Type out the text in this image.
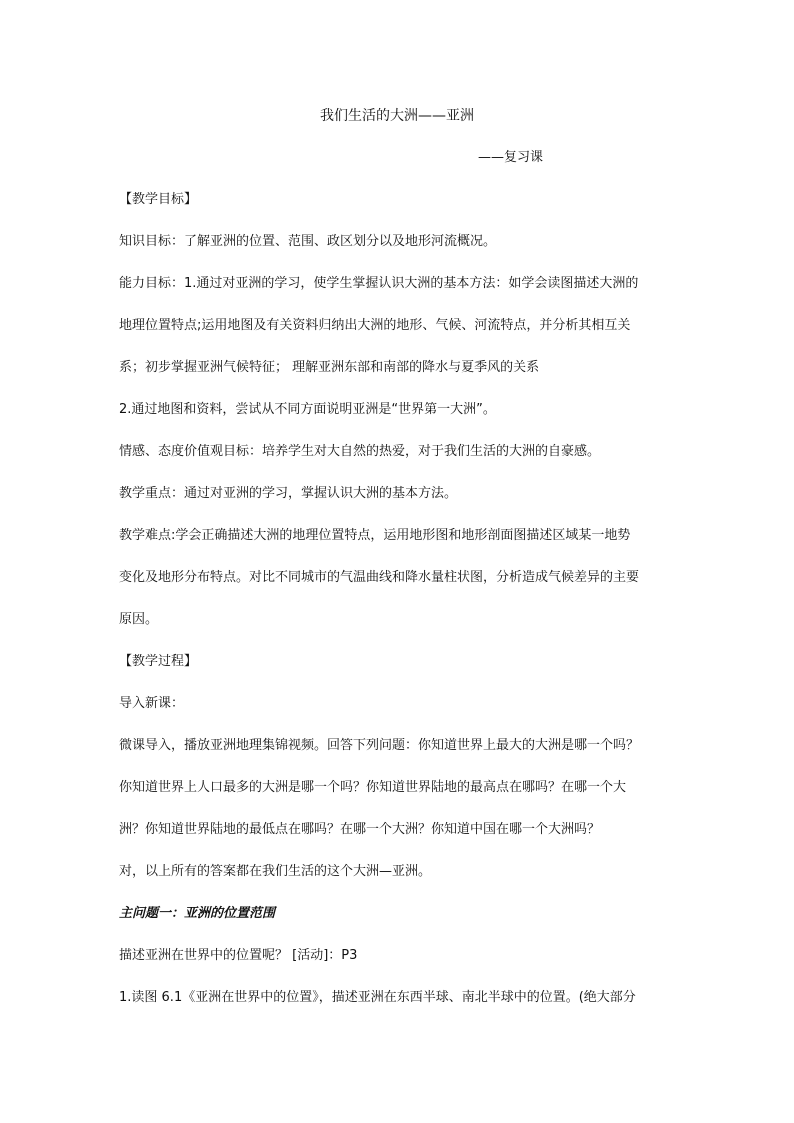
我们生活的大洲——亚洲
——复习课
【教学目标】
知识目标：了解亚洲的位置、范围、政区划分以及地形河流概况。
能力目标：1.通过对亚洲的学习，使学生掌握认识大洲的基本方法：如学会读图描述大洲的
地理位置特点;运用地图及有关资料归纳出大洲的地形、气候、河流特点，并分析其相互关
系；初步掌握亚洲气候特征； 理解亚洲东部和南部的降水与夏季风的关系
2.通过地图和资料，尝试从不同方面说明亚洲是“世界第一大洲”。
情感、态度价值观目标：培养学生对大自然的热爱，对于我们生活的大洲的自豪感。
教学重点：通过对亚洲的学习，掌握认识大洲的基本方法。
教学难点:学会正确描述大洲的地理位置特点，运用地形图和地形剖面图描述区域某一地势
变化及地形分布特点。对比不同城市的气温曲线和降水量柱状图，分析造成气候差异的主要
原因。
【教学过程】
导入新课：
微课导入，播放亚洲地理集锦视频。回答下列问题：你知道世界上最大的大洲是哪一个吗？
你知道世界上人口最多的大洲是哪一个吗？你知道世界陆地的最高点在哪吗？在哪一个大
洲？你知道世界陆地的最低点在哪吗？在哪一个大洲？你知道中国在哪一个大洲吗？
对，以上所有的答案都在我们生活的这个大洲—亚洲。
主问题一：亚洲的位置范围
描述亚洲在世界中的位置呢？ [活动]：P3
1.读图 6.1《亚洲在世界中的位置》，描述亚洲在东西半球、南北半球中的位置。(绝大部分
